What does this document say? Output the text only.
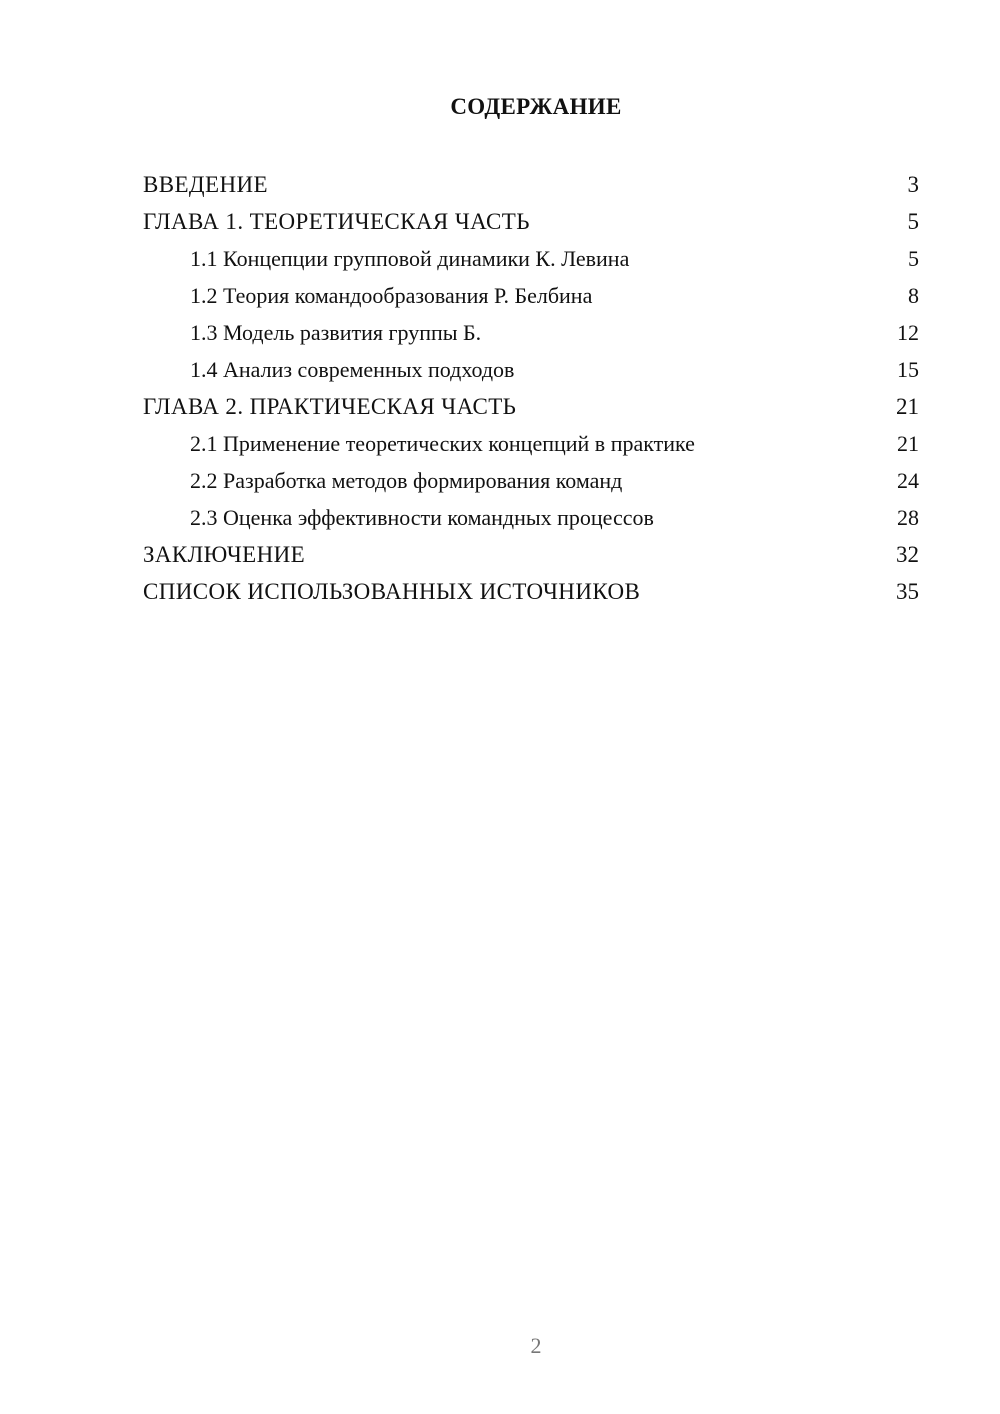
СОДЕРЖАНИЕ
ВВЕДЕНИЕ	3
ГЛАВА 1. ТЕОРЕТИЧЕСКАЯ ЧАСТЬ	5
1.1 Концепции групповой динамики К. Левина	5
1.2 Теория командообразования Р. Белбина	8
1.3 Модель развития группы Б.	12
1.4 Анализ современных подходов	15
ГЛАВА 2. ПРАКТИЧЕСКАЯ ЧАСТЬ	21
2.1 Применение теоретических концепций в практике	21
2.2 Разработка методов формирования команд	24
2.3 Оценка эффективности командных процессов	28
ЗАКЛЮЧЕНИЕ	32
СПИСОК ИСПОЛЬЗОВАННЫХ ИСТОЧНИКОВ	35
2
